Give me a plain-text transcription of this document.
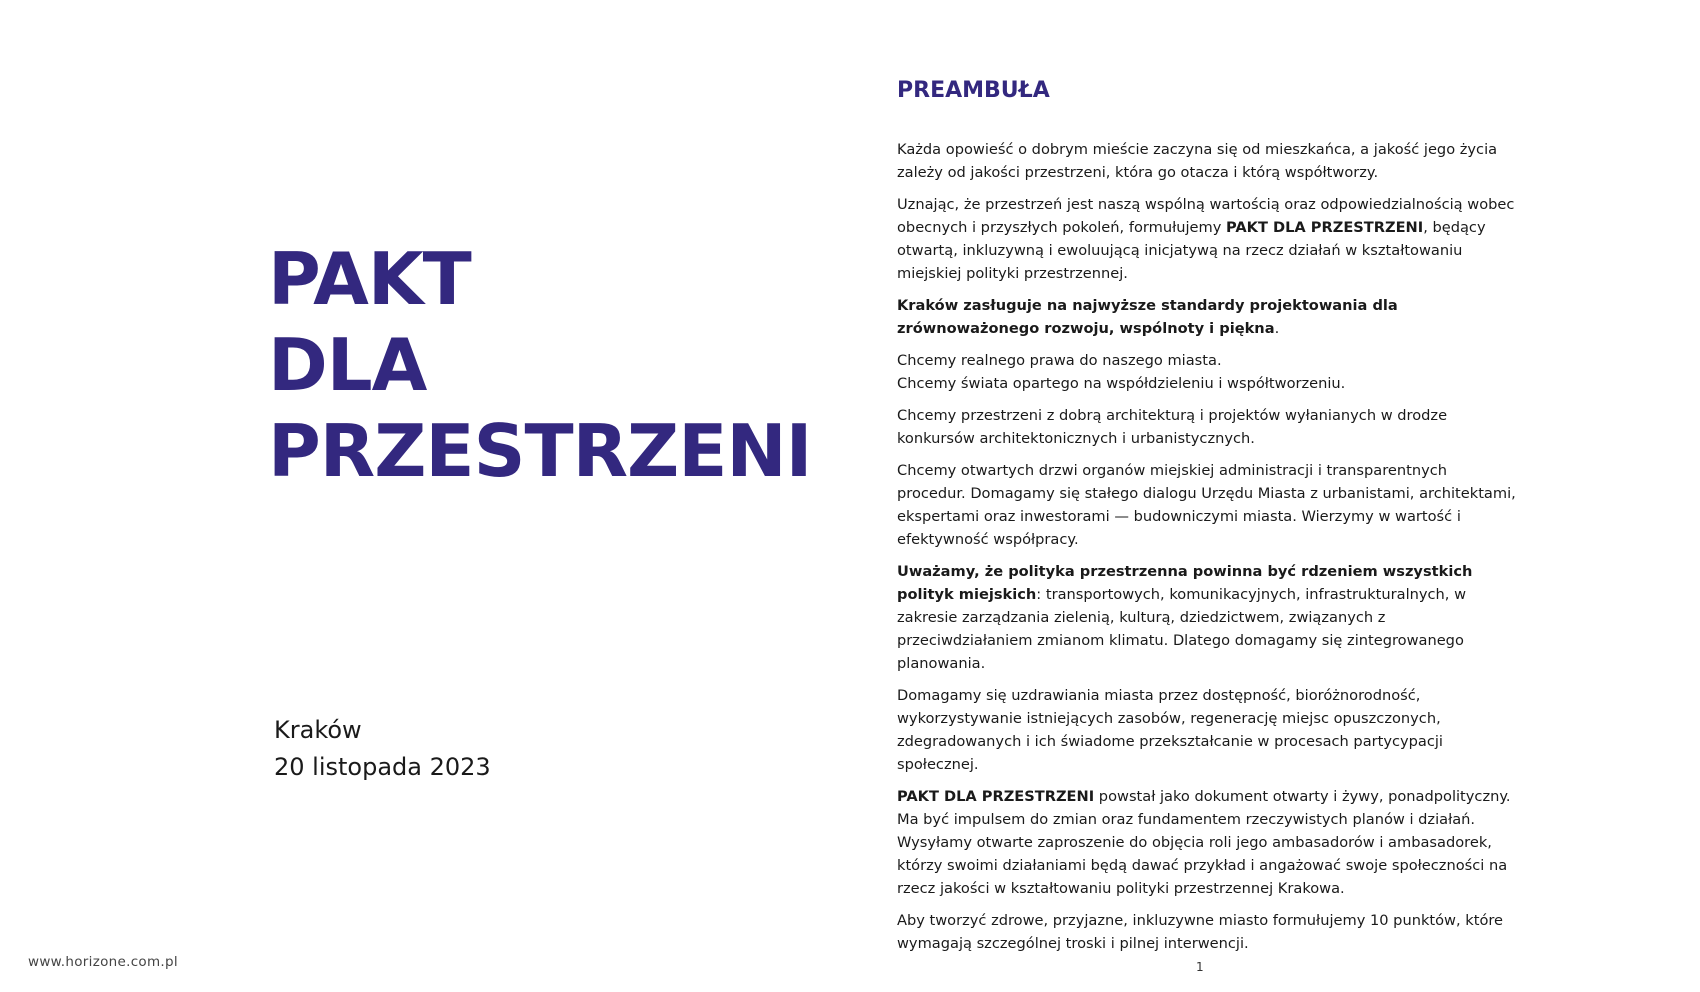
PAKT
DLA
PRZESTRZENI
Kraków
20 listopada 2023
PREAMBUŁA

Każda opowieść o dobrym mieście zaczyna się od mieszkańca, a jakość jego życia zależy od jakości przestrzeni, która go otacza i którą współtworzy.

Uznając, że przestrzeń jest naszą wspólną wartością oraz odpowiedzialnością wobec obecnych i przyszłych pokoleń, formułujemy PAKT DLA PRZESTRZENI, będący otwartą, inkluzywną i ewoluującą inicjatywą na rzecz działań w kształtowaniu miejskiej polityki przestrzennej.

Kraków zasługuje na najwyższe standardy projektowania dla zrównoważonego rozwoju, wspólnoty i piękna.

Chcemy realnego prawa do naszego miasta.
Chcemy świata opartego na współdzieleniu i współtworzeniu.

Chcemy przestrzeni z dobrą architekturą i projektów wyłanianych w drodze konkursów architektonicznych i urbanistycznych.

Chcemy otwartych drzwi organów miejskiej administracji i transparentnych procedur. Domagamy się stałego dialogu Urzędu Miasta z urbanistami, architektami, ekspertami oraz inwestorami — budowniczymi miasta. Wierzymy w wartość i efektywność współpracy.

Uważamy, że polityka przestrzenna powinna być rdzeniem wszystkich polityk miejskich: transportowych, komunikacyjnych, infrastrukturalnych, w zakresie zarządzania zielenią, kulturą, dziedzictwem, związanych z przeciwdziałaniem zmianom klimatu. Dlatego domagamy się zintegrowanego planowania.

Domagamy się uzdrawiania miasta przez dostępność, bioróżnorodność, wykorzystywanie istniejących zasobów, regenerację miejsc opuszczonych, zdegradowanych i ich świadome przekształcanie w procesach partycypacji społecznej.

PAKT DLA PRZESTRZENI powstał jako dokument otwarty i żywy, ponadpolityczny. Ma być impulsem do zmian oraz fundamentem rzeczywistych planów i działań. Wysyłamy otwarte zaproszenie do objęcia roli jego ambasadorów i ambasadorek, którzy swoimi działaniami będą dawać przykład i angażować swoje społeczności na rzecz jakości w kształtowaniu polityki przestrzennej Krakowa.

Aby tworzyć zdrowe, przyjazne, inkluzywne miasto formułujemy 10 punktów, które wymagają szczególnej troski i pilnej interwencji.

www.horizone.com.pl	1
